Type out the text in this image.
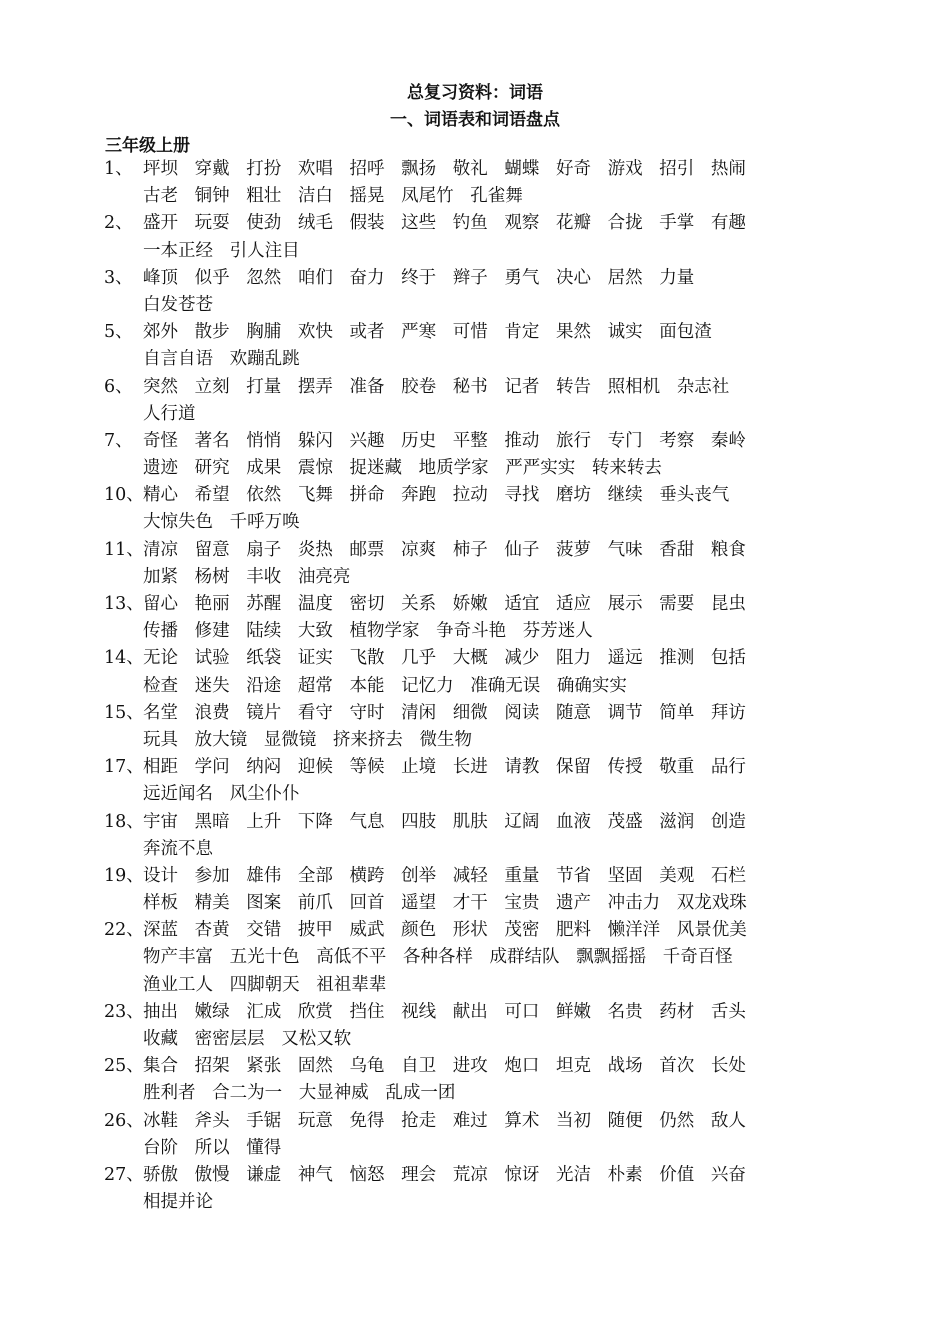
总复习资料：词语
一、词语表和词语盘点
三年级上册
1、 坪坝 穿戴 打扮 欢唱 招呼 飘扬 敬礼 蝴蝶 好奇 游戏 招引 热闹
古老 铜钟 粗壮 洁白 摇晃 凤尾竹 孔雀舞
2、 盛开 玩耍 使劲 绒毛 假装 这些 钓鱼 观察 花瓣 合拢 手掌 有趣
一本正经 引人注目
3、 峰顶 似乎 忽然 咱们 奋力 终于 辫子 勇气 决心 居然 力量
白发苍苍
5、 郊外 散步 胸脯 欢快 或者 严寒 可惜 肯定 果然 诚实 面包渣
自言自语 欢蹦乱跳
6、 突然 立刻 打量 摆弄 准备 胶卷 秘书 记者 转告 照相机 杂志社
人行道
7、 奇怪 著名 悄悄 躲闪 兴趣 历史 平整 推动 旅行 专门 考察 秦岭
遗迹 研究 成果 震惊 捉迷藏 地质学家 严严实实 转来转去
10、 精心 希望 依然 飞舞 拼命 奔跑 拉动 寻找 磨坊 继续 垂头丧气
大惊失色 千呼万唤
11、 清凉 留意 扇子 炎热 邮票 凉爽 柿子 仙子 菠萝 气味 香甜 粮食
加紧 杨树 丰收 油亮亮
13、 留心 艳丽 苏醒 温度 密切 关系 娇嫩 适宜 适应 展示 需要 昆虫
传播 修建 陆续 大致 植物学家 争奇斗艳 芬芳迷人
14、 无论 试验 纸袋 证实 飞散 几乎 大概 减少 阻力 遥远 推测 包括
检查 迷失 沿途 超常 本能 记忆力 准确无误 确确实实
15、 名堂 浪费 镜片 看守 守时 清闲 细微 阅读 随意 调节 简单 拜访
玩具 放大镜 显微镜 挤来挤去 微生物
17、 相距 学问 纳闷 迎候 等候 止境 长进 请教 保留 传授 敬重 品行
远近闻名 风尘仆仆
18、 宇宙 黑暗 上升 下降 气息 四肢 肌肤 辽阔 血液 茂盛 滋润 创造
奔流不息
19、 设计 参加 雄伟 全部 横跨 创举 减轻 重量 节省 坚固 美观 石栏
样板 精美 图案 前爪 回首 遥望 才干 宝贵 遗产 冲击力 双龙戏珠
22、 深蓝 杏黄 交错 披甲 威武 颜色 形状 茂密 肥料 懒洋洋 风景优美
物产丰富 五光十色 高低不平 各种各样 成群结队 飘飘摇摇 千奇百怪
渔业工人 四脚朝天 祖祖辈辈
23、 抽出 嫩绿 汇成 欣赏 挡住 视线 献出 可口 鲜嫩 名贵 药材 舌头
收藏 密密层层 又松又软
25、 集合 招架 紧张 固然 乌龟 自卫 进攻 炮口 坦克 战场 首次 长处
胜利者 合二为一 大显神威 乱成一团
26、 冰鞋 斧头 手锯 玩意 免得 抢走 难过 算术 当初 随便 仍然 敌人
台阶 所以 懂得
27、 骄傲 傲慢 谦虚 神气 恼怒 理会 荒凉 惊讶 光洁 朴素 价值 兴奋
相提并论
